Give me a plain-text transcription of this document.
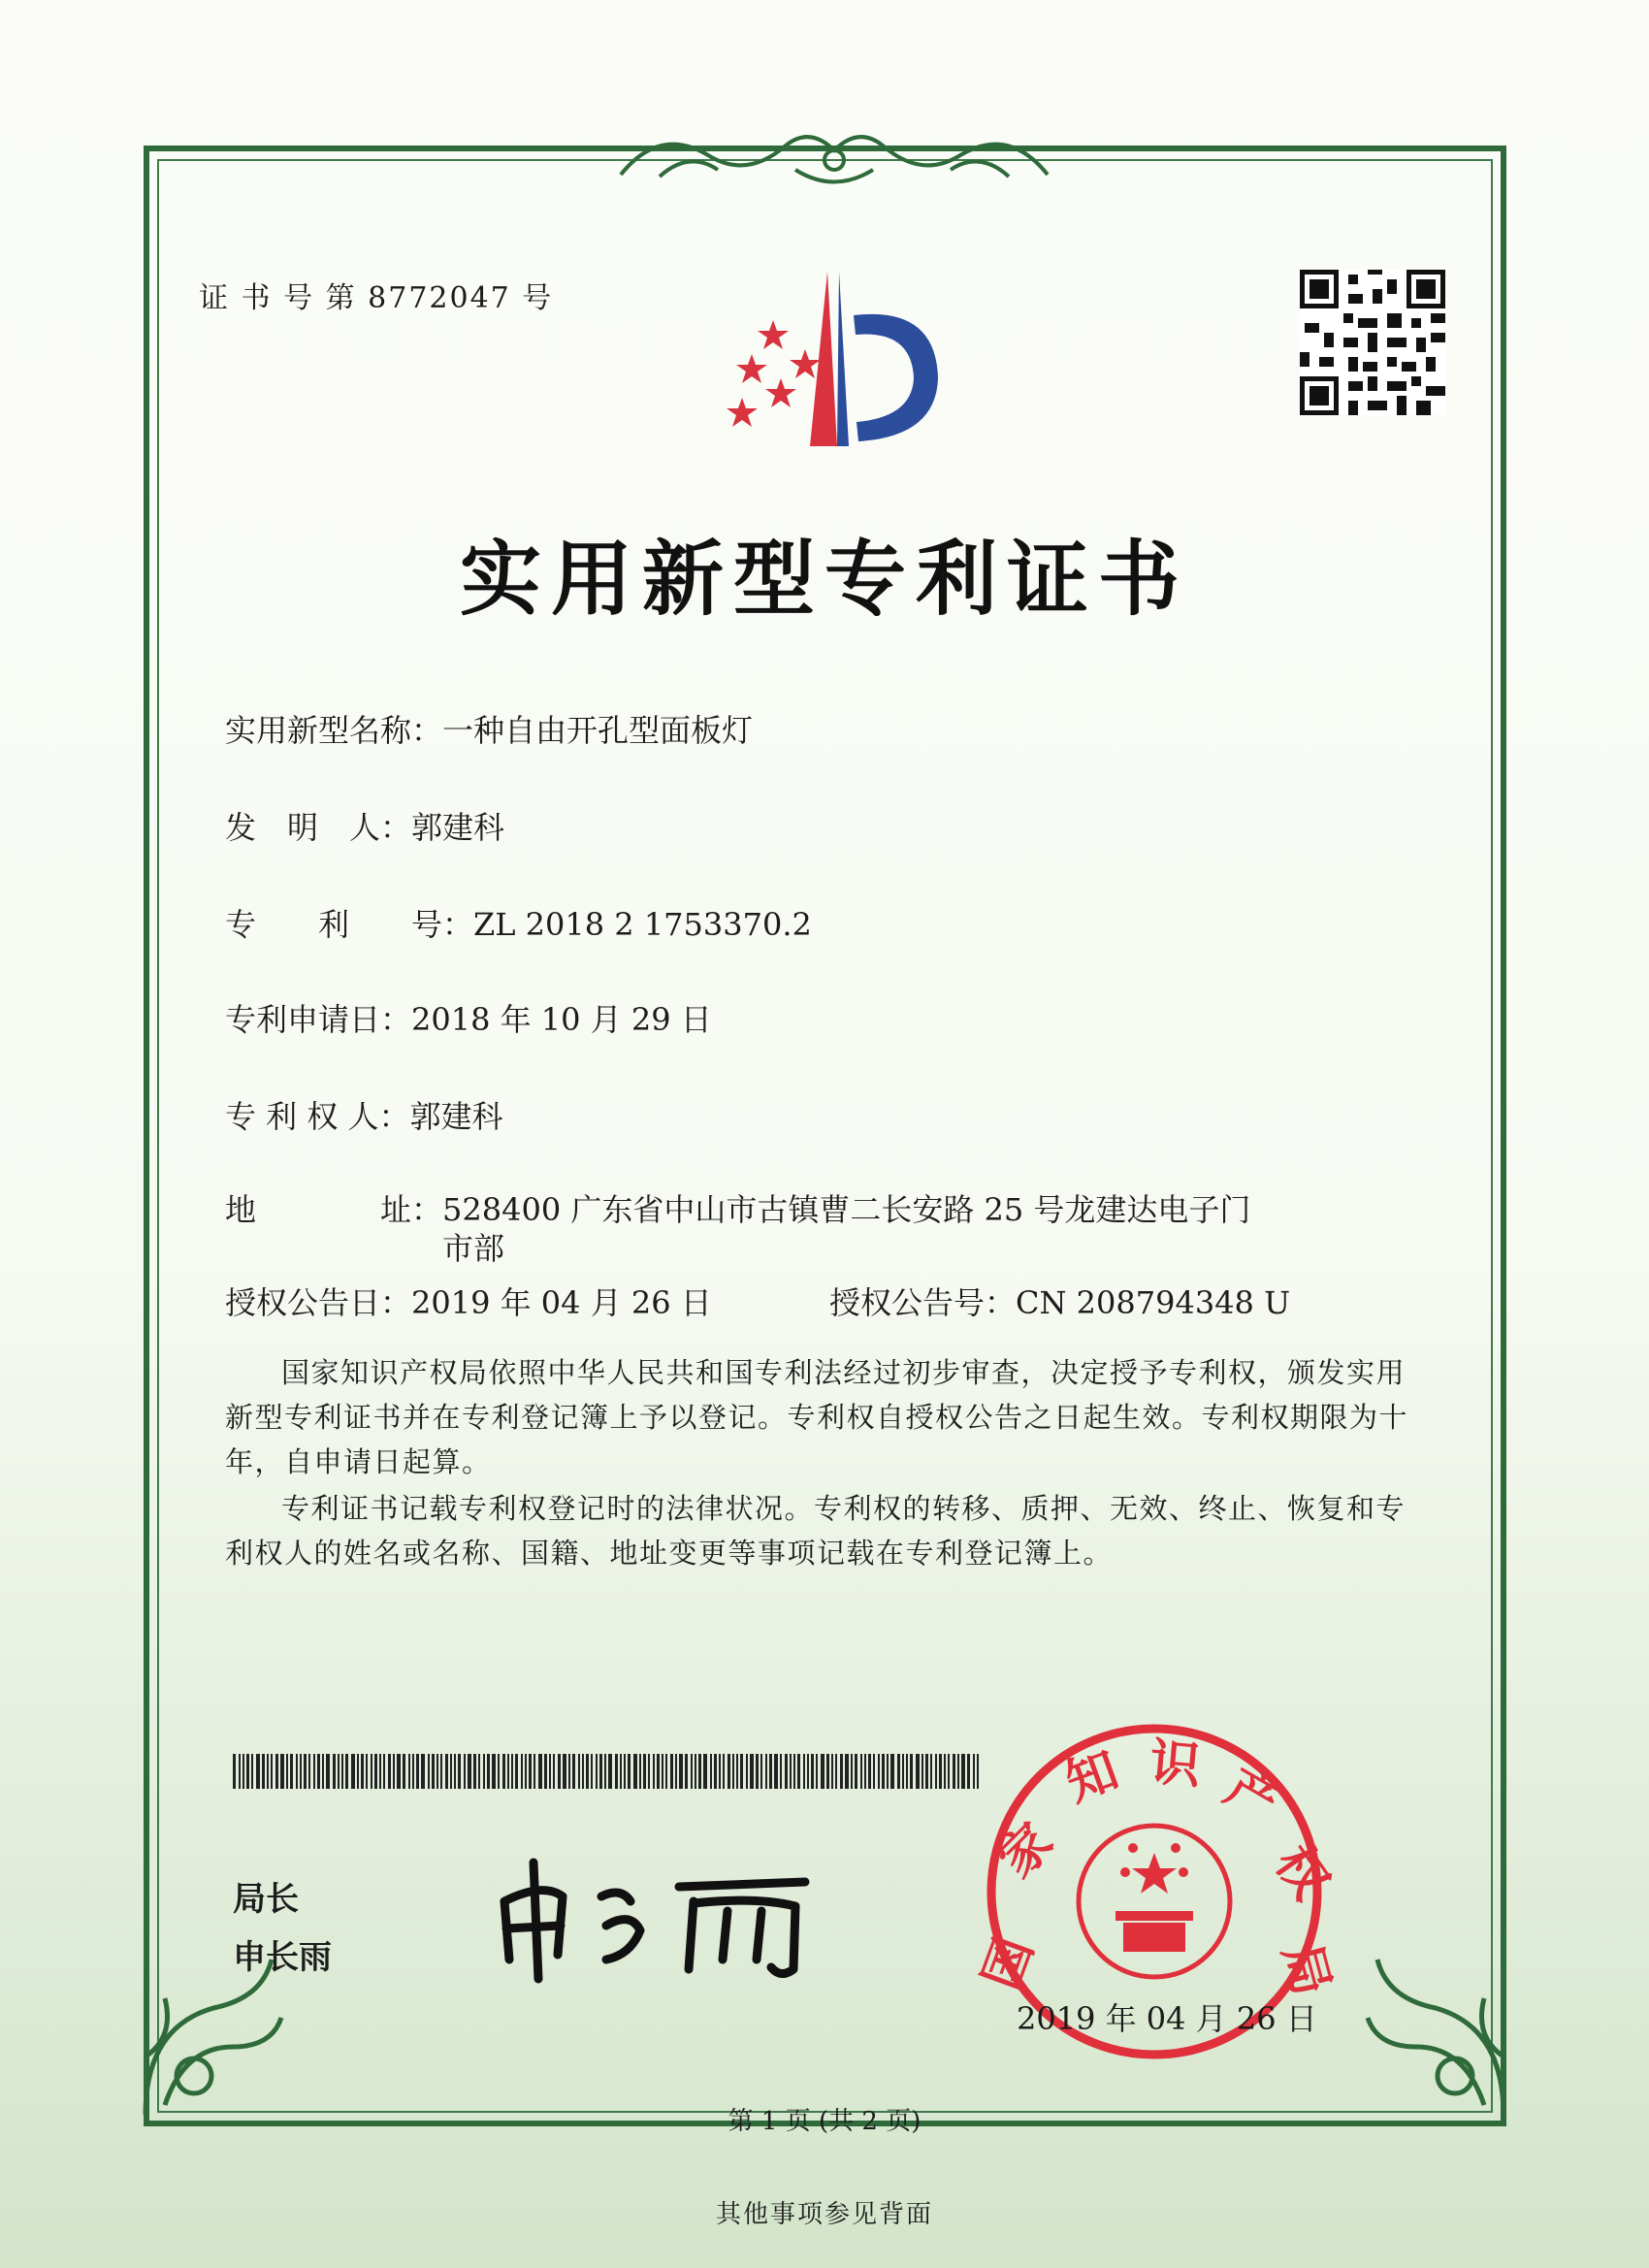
证 书 号 第 8772047 号
实用新型专利证书
实用新型名称：一种自由开孔型面板灯
发　明　人：郭建科
专　　利　　号：ZL 2018 2 1753370.2
专利申请日：2018 年 10 月 29 日
专 利 权 人：郭建科
地　　　　址：528400 广东省中山市古镇曹二长安路 25 号龙建达电子门
市部
授权公告日：2019 年 04 月 26 日	授权公告号：CN 208794348 U
国家知识产权局依照中华人民共和国专利法经过初步审查，决定授予专利权，颁发实用新型专利证书并在专利登记簿上予以登记。专利权自授权公告之日起生效。专利权期限为十年，自申请日起算。
专利证书记载专利权登记时的法律状况。专利权的转移、质押、无效、终止、恢复和专利权人的姓名或名称、国籍、地址变更等事项记载在专利登记簿上。
局长
申长雨	国
家
知 识 产
权
局
2019 年 04 月 26 日
第 1 页 (共 2 页)
其他事项参见背面
